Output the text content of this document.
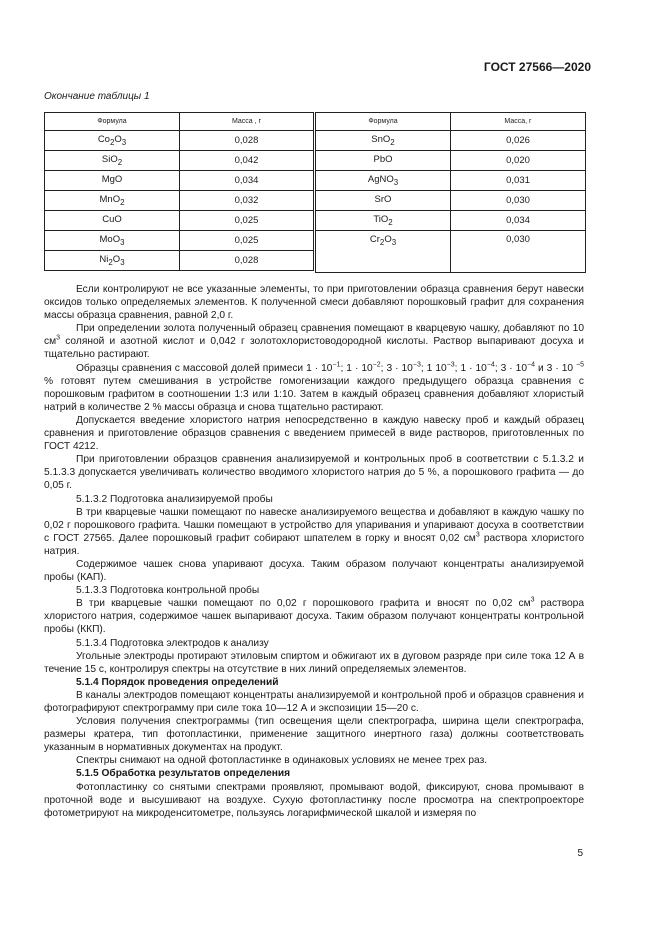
ГОСТ 27566—2020
Окончание таблицы 1
Формула	Масса , г
$Co_2O_3$	0,028
SiO$_2$	0,042
MgO	0,034
MnO$_2$	0,032
CuO	0,025
MoO$_3$	0,025
$Ni_2O_3$	0,028
Формула	Масса, г
SnO$_2$	0,026
PbO	0,020
AgNO$_3$	0,031
SrO	0,030
TiO$_2$	0,034
$Cr_2O_3$	0,030

Если контролируют не все указанные элементы, то при приготовлении образца сравнения берут навески оксидов только определяемых элементов. К полученной смеси добавляют порошковый графит для сохранения массы образца сравнения, равной 2,0 г.

При определении золота полученный образец сравнения помещают в кварцевую чашку, добавляют по 10 $см^3$ соляной и азотной кислот и 0,042 г золотохлористоводородной кислоты. Раствор выпаривают досуха и тщательно растирают.

Образцы сравнения с массовой долей примеси $1 \cdot 10^{-1}$; $1 \cdot 10^{-2}$; $3 \cdot 10^{-3}$; 1 $10^{-3}$; $1 \cdot 10^{-4}$; $3 \cdot 10^{-4}$ и 3 · 10 $^{-5}$ % готовят путем смешивания в устройстве гомогенизации каждого предыдущего образца сравнения с порошковым графитом в соотношении 1:3 или 1:10. Затем в каждый образец сравнения добавляют хлористый натрий в количестве 2 % массы образца и снова тщательно растирают.

Допускается введение хлористого натрия непосредственно в каждую навеску проб и каждый образец сравнения и приготовление образцов сравнения с введением примесей в виде растворов, приготовленных по ГОСТ 4212.

При приготовлении образцов сравнения анализируемой и контрольных проб в соответствии с 5.1.3.2 и 5.1.3.3 допускается увеличивать количество вводимого хлористого натрия до 5 %, а порошкового графита — до 0,05 г.

5.1.3.2 Подготовка анализируемой пробы

В три кварцевые чашки помещают по навеске анализируемого вещества и добавляют в каждую чашку по 0,02 г порошкового графита. Чашки помещают в устройство для упаривания и упаривают досуха в соответствии с ГОСТ 27565. Далее порошковый графит собирают шпателем в горку и вносят 0,02 $см^3$ раствора хлористого натрия.

Содержимое чашек снова упаривают досуха. Таким образом получают концентраты анализируемой пробы (КАП).

5.1.3.3 Подготовка контрольной пробы

В три кварцевые чашки помещают по 0,02 г порошкового графита и вносят по 0,02 $см^3$ раствора хлористого натрия, содержимое чашек выпаривают досуха. Таким образом получают концентраты контрольной пробы (ККП).

5.1.3.4 Подготовка электродов к анализу

Угольные электроды протирают этиловым спиртом и обжигают их в дуговом разряде при силе тока 12 А в течение 15 с, контролируя спектры на отсутствие в них линий определяемых элементов.

5.1.4 Порядок проведения определений

В каналы электродов помещают концентраты анализируемой и контрольной проб и образцов сравнения и фотографируют спектрограмму при силе тока 10—12 А и экспозиции 15—20 с.

Условия получения спектрограммы (тип освещения щели спектрографа, ширина щели спектрографа, размеры кратера, тип фотопластинки, применение защитного инертного газа) должны соответствовать указанным в нормативных документах на продукт.

Спектры снимают на одной фотопластинке в одинаковых условиях не менее трех раз.

5.1.5 Обработка результатов определения

Фотопластинку со снятыми спектрами проявляют, промывают водой, фиксируют, снова промывают в проточной воде и высушивают на воздухе. Сухую фотопластинку после просмотра на спектропроекторе фотометрируют на микроденситометре, пользуясь логарифмической шкалой и измеряя по

5
